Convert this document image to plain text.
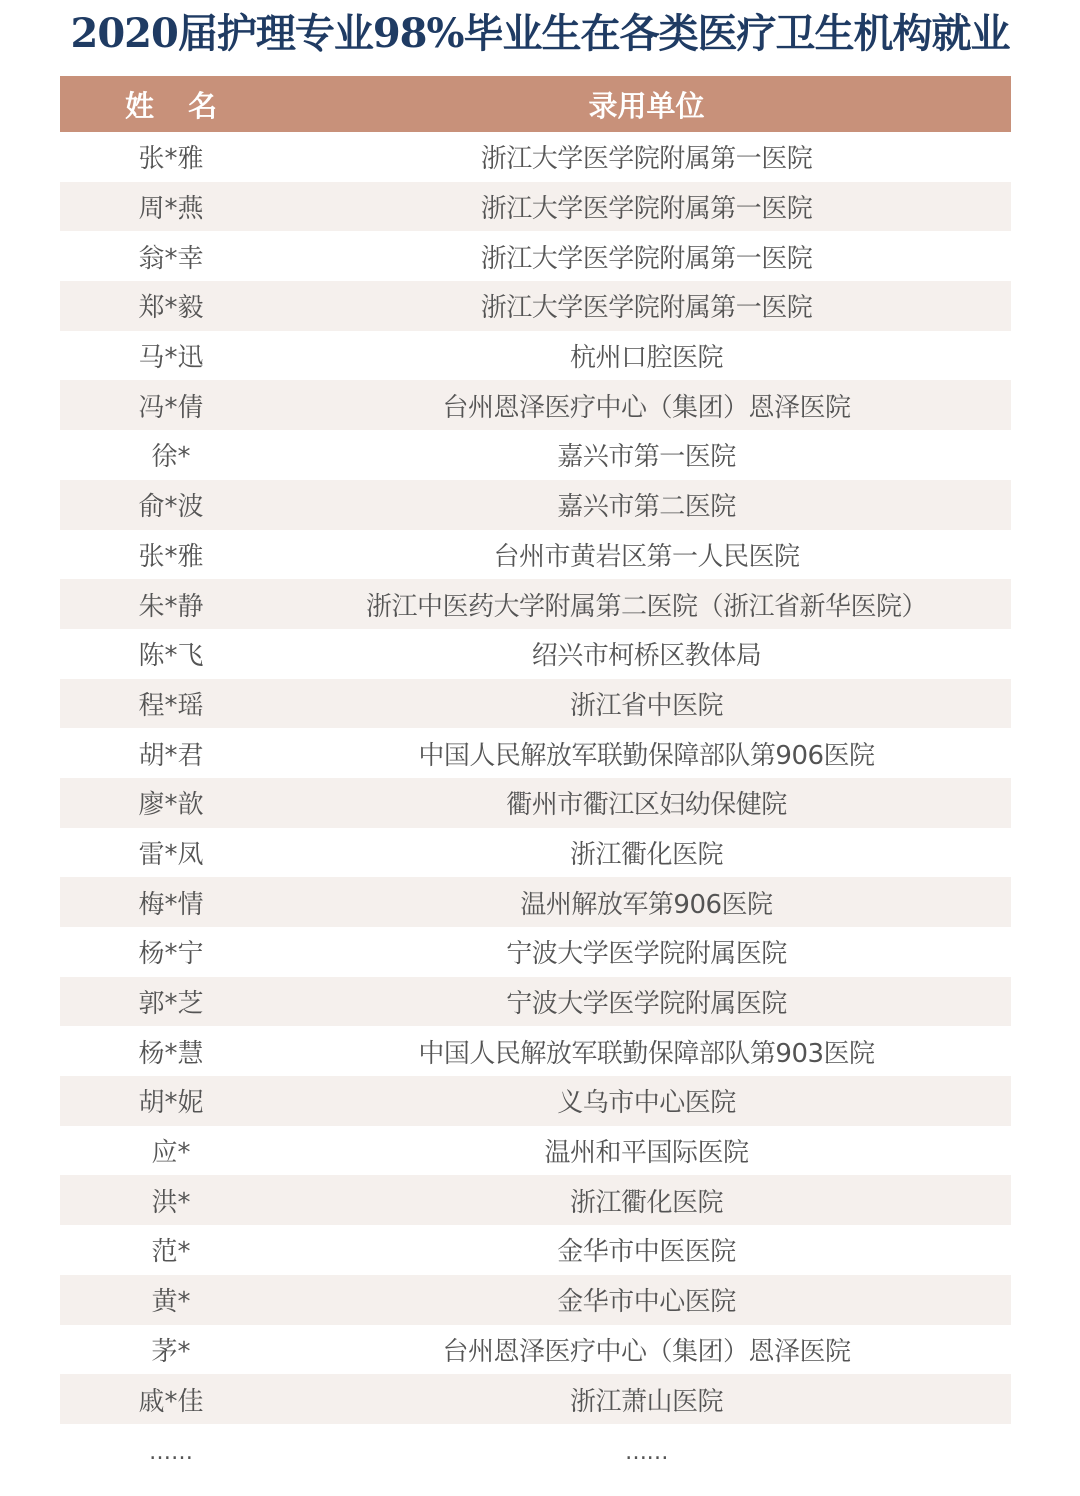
2020届护理专业98%毕业生在各类医疗卫生机构就业
姓 名	录用单位
张*雅	浙江大学医学院附属第一医院
周*燕	浙江大学医学院附属第一医院
翁*幸	浙江大学医学院附属第一医院
郑*毅	浙江大学医学院附属第一医院
马*迅	杭州口腔医院
冯*倩	台州恩泽医疗中心（集团）恩泽医院
徐*	嘉兴市第一医院
俞*波	嘉兴市第二医院
张*雅	台州市黄岩区第一人民医院
朱*静	浙江中医药大学附属第二医院（浙江省新华医院）
陈*飞	绍兴市柯桥区教体局
程*瑶	浙江省中医院
胡*君	中国人民解放军联勤保障部队第906医院
廖*歆	衢州市衢江区妇幼保健院
雷*凤	浙江衢化医院
梅*情	温州解放军第906医院
杨*宁	宁波大学医学院附属医院
郭*芝	宁波大学医学院附属医院
杨*慧	中国人民解放军联勤保障部队第903医院
胡*妮	义乌市中心医院
应*	温州和平国际医院
洪*	浙江衢化医院
范*	金华市中医医院
黄*	金华市中心医院
茅*	台州恩泽医疗中心（集团）恩泽医院
戚*佳	浙江萧山医院
……	……
